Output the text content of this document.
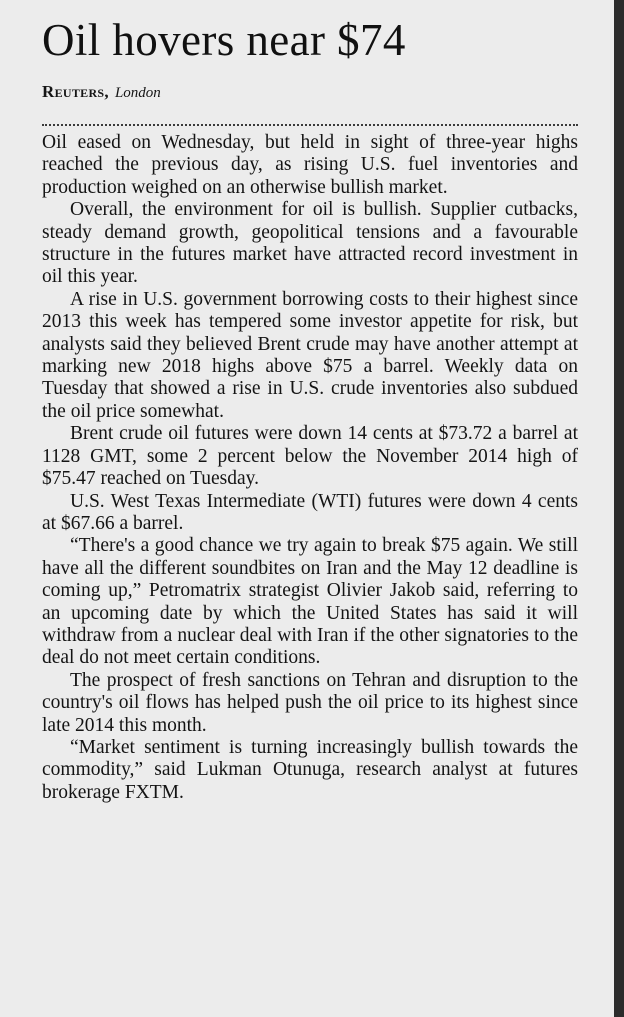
Oil hovers near $74
Reuters, London

Oil eased on Wednesday, but held in sight of three-year highs reached the previous day, as rising U.S. fuel inventories and production weighed on an otherwise bullish market.

Overall, the environment for oil is bullish. Supplier cutbacks, steady demand growth, geopolitical tensions and a favourable structure in the futures market have attracted record investment in oil this year.

A rise in U.S. government borrowing costs to their highest since 2013 this week has tempered some investor appetite for risk, but analysts said they believed Brent crude may have another attempt at marking new 2018 highs above $75 a barrel. Weekly data on Tuesday that showed a rise in U.S. crude inventories also subdued the oil price somewhat.

Brent crude oil futures were down 14 cents at $73.72 a barrel at 1128 GMT, some 2 percent below the November 2014 high of $75.47 reached on Tuesday.

U.S. West Texas Intermediate (WTI) futures were down 4 cents at $67.66 a barrel.

“There's a good chance we try again to break $75 again. We still have all the different soundbites on Iran and the May 12 deadline is coming up,” Petromatrix strategist Olivier Jakob said, referring to an upcoming date by which the United States has said it will withdraw from a nuclear deal with Iran if the other signatories to the deal do not meet certain conditions.

The prospect of fresh sanctions on Tehran and disruption to the country's oil flows has helped push the oil price to its highest since late 2014 this month.

“Market sentiment is turning increasingly bullish towards the commodity,” said Lukman Otunuga, research analyst at futures brokerage FXTM.
